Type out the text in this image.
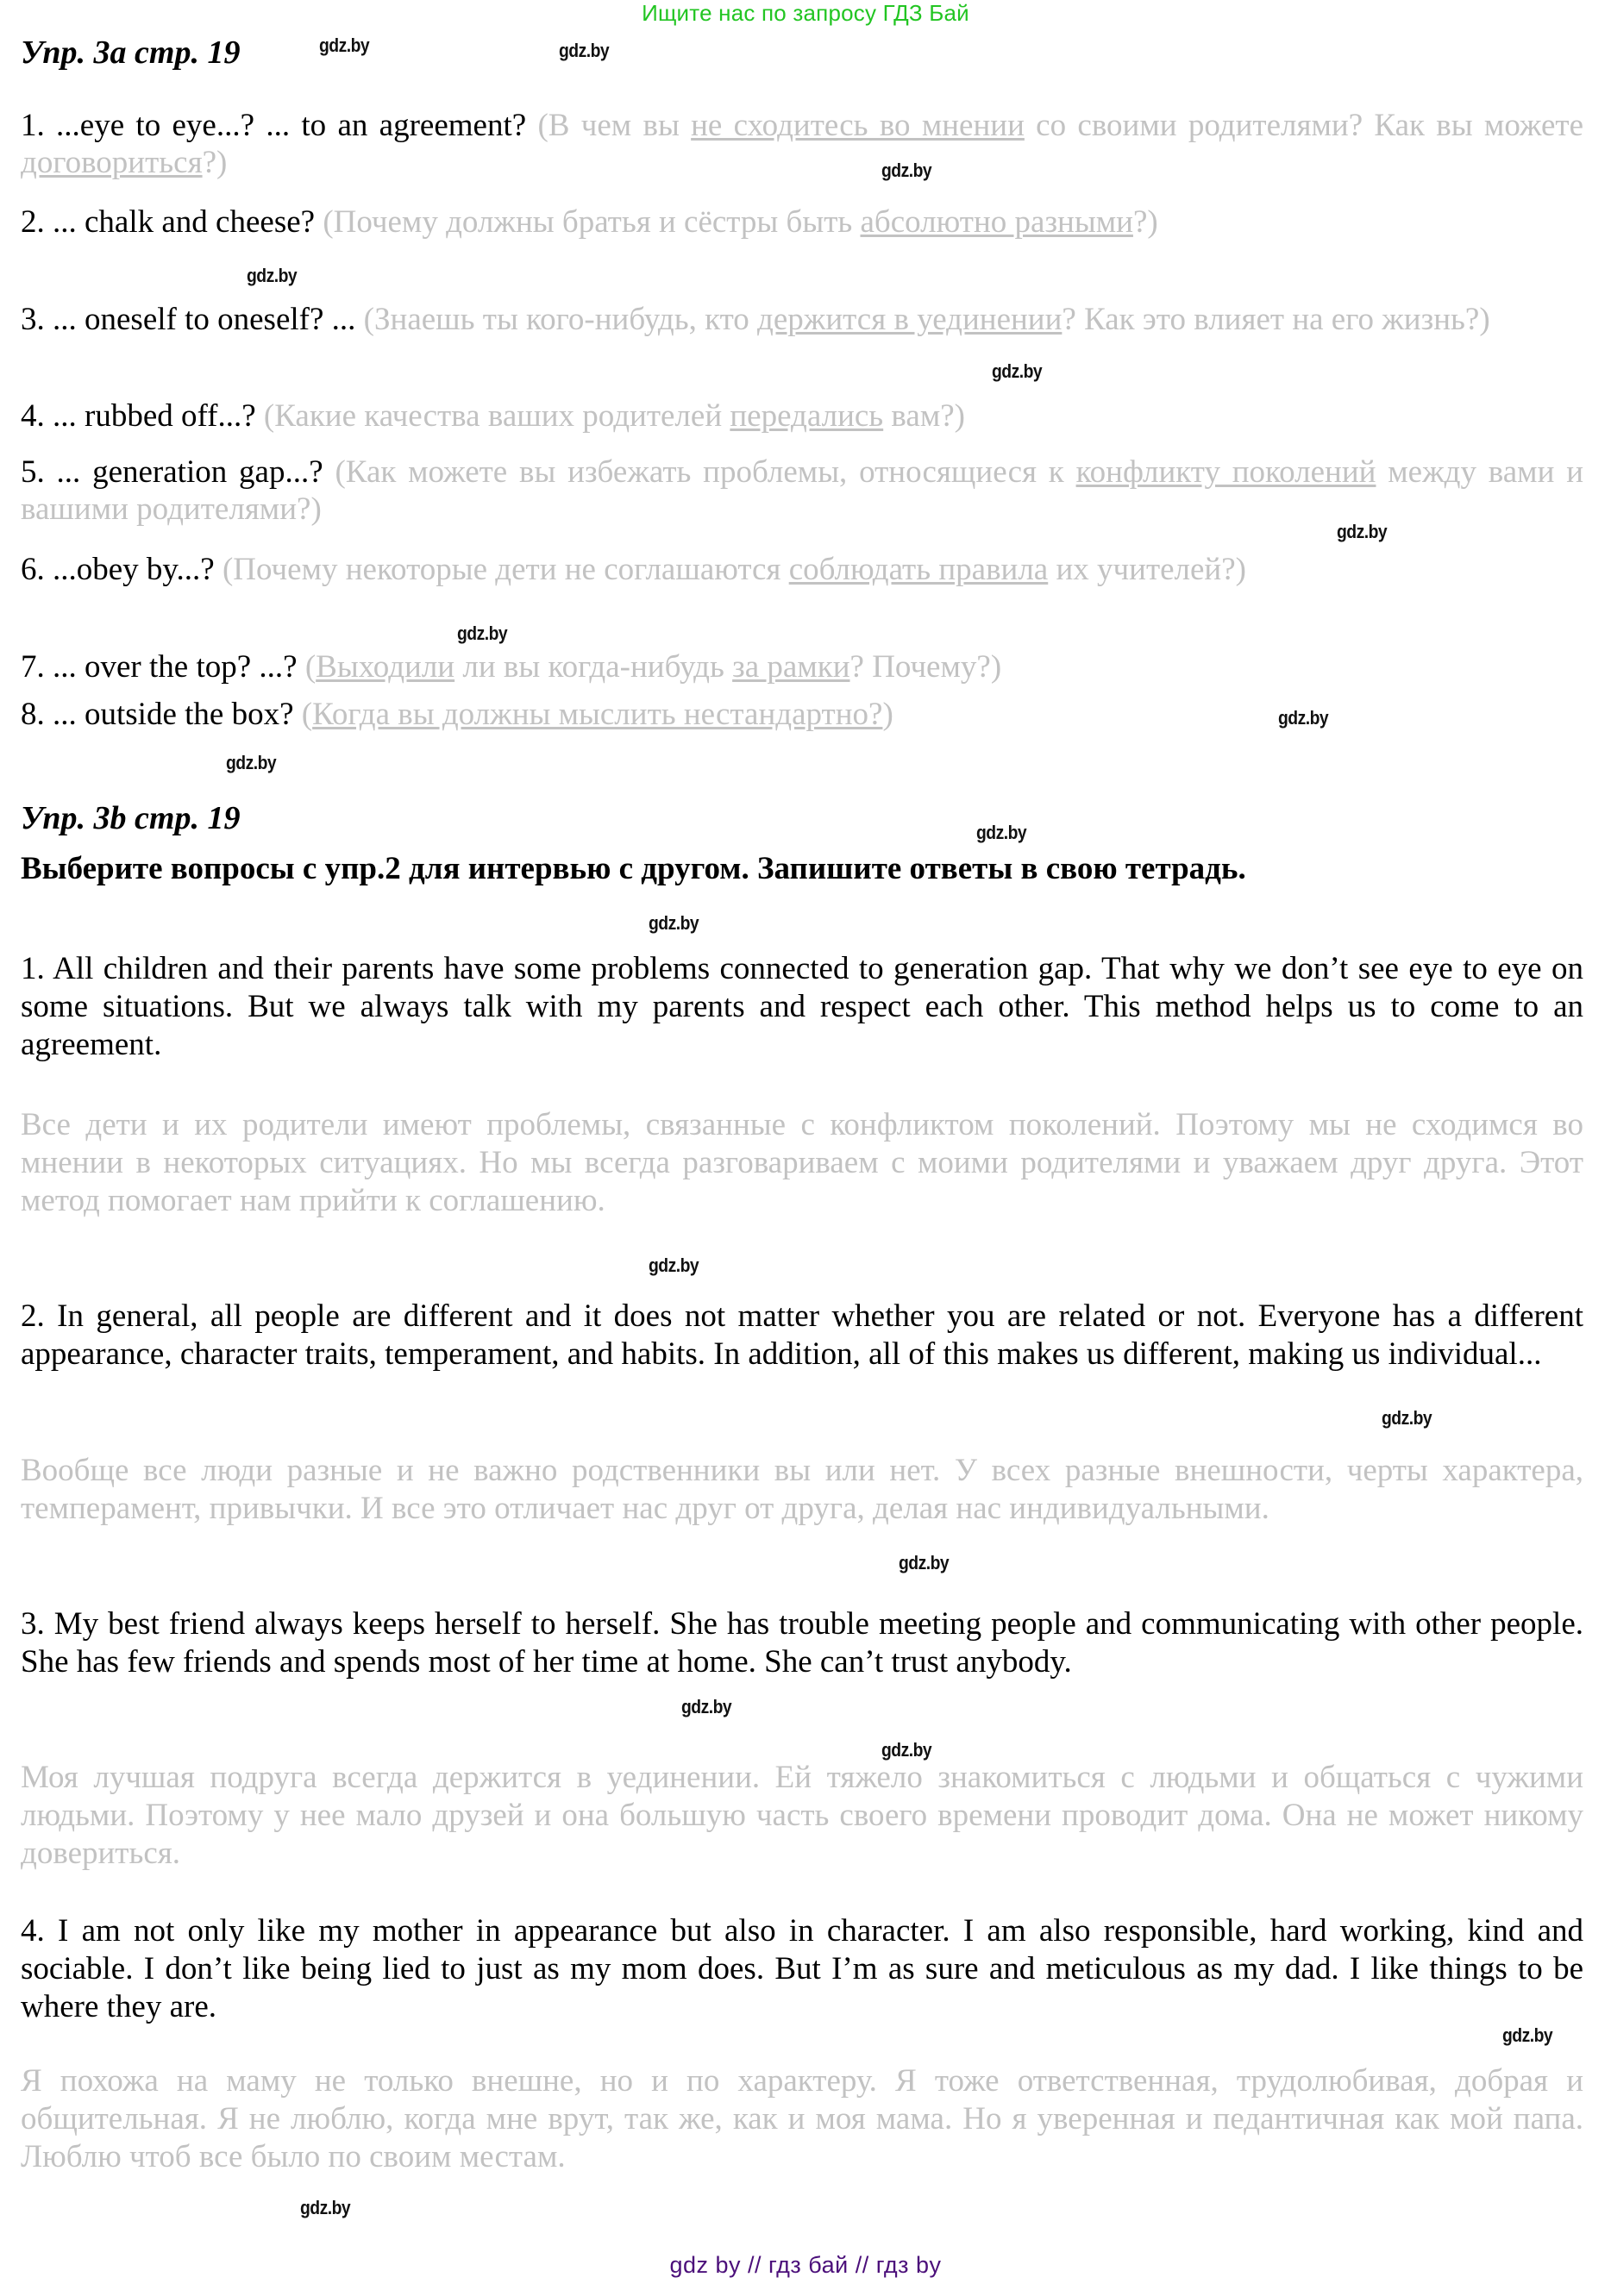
Ищите нас по запросу ГДЗ Бай
gdz.by
gdz.by
gdz.by
gdz.by
gdz.by
gdz.by
gdz.by
gdz.by
gdz.by
gdz.by
gdz.by
gdz.by
gdz.by
gdz.by
gdz.by
gdz.by
gdz.by
gdz.by
Упр. 3a стр. 19

1. ...eye to eye...? ... to an agreement? (В чем вы не сходитесь во мнении со своими родителями? Как вы можете договориться?)

2. ... chalk and cheese? (Почему должны братья и сёстры быть абсолютно разными?)

3. ... oneself to oneself? ... (Знаешь ты кого-нибудь, кто держится в уединении? Как это влияет на его жизнь?)

4. ... rubbed off...? (Какие качества ваших родителей передались вам?)

5. ... generation gap...? (Как можете вы избежать проблемы, относящиеся к конфликту поколений между вами и вашими родителями?)

6. ...obey by...? (Почему некоторые дети не соглашаются соблюдать правила их учителей?)

7. ... over the top? ...? (Выходили ли вы когда-нибудь за рамки? Почему?)

8. ... outside the box? (Когда вы должны мыслить нестандартно?)

Упр. 3b стр. 19

Выберите вопросы с упр.2 для интервью с другом. Запишите ответы в свою тетрадь.

1. All children and their parents have some problems connected to generation gap. That why we don’t see eye to eye on some situations. But we always talk with my parents and respect each other. This method helps us to come to an agreement.

Все дети и их родители имеют проблемы, связанные с конфликтом поколений. Поэтому мы не сходимся во мнении в некоторых ситуациях. Но мы всегда разговариваем с моими родителями и уважаем друг друга. Этот метод помогает нам прийти к соглашению.

2. In general, all people are different and it does not matter whether you are related or not. Everyone has a different appearance, character traits, temperament, and habits. In addition, all of this makes us different, making us individual...

Вообще все люди разные и не важно родственники вы или нет. У всех разные внешности, черты характера, темперамент, привычки. И все это отличает нас друг от друга, делая нас индивидуальными.

3. My best friend always keeps herself to herself. She has trouble meeting people and communicating with other people. She has few friends and spends most of her time at home. She can’t trust anybody.

Моя лучшая подруга всегда держится в уединении. Ей тяжело знакомиться с людьми и общаться с чужими людьми. Поэтому у нее мало друзей и она большую часть своего времени проводит дома. Она не может никому довериться.

4. I am not only like my mother in appearance but also in character. I am also responsible, hard working, kind and sociable. I don’t like being lied to just as my mom does. But I’m as sure and meticulous as my dad. I like things to be where they are.

Я похожа на маму не только внешне, но и по характеру. Я тоже ответственная, трудолюбивая, добрая и общительная. Я не люблю, когда мне врут, так же, как и моя мама. Но я уверенная и педантичная как мой папа. Люблю чтоб все было по своим местам.

gdz by // гдз бай // гдз by
